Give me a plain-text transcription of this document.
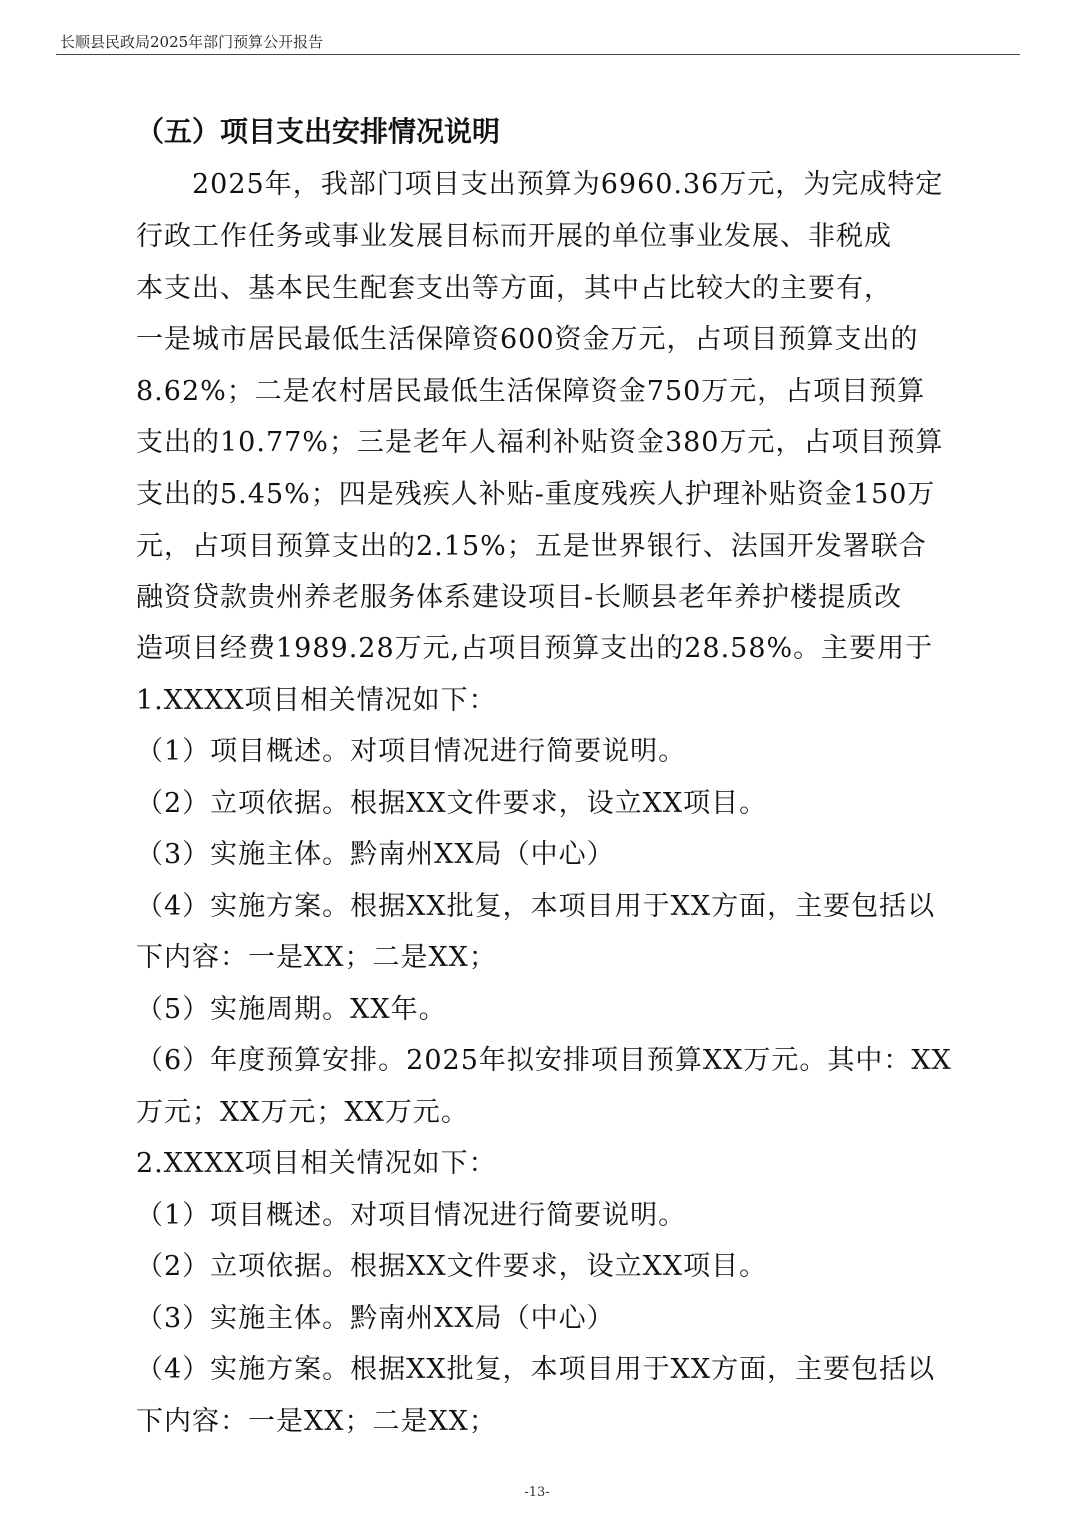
长顺县民政局2025年部门预算公开报告
（五）项目支出安排情况说明
2025年，我部门项目支出预算为6960.36万元，为完成特定
行政工作任务或事业发展目标而开展的单位事业发展、非税成
本支出、基本民生配套支出等方面，其中占比较大的主要有，
一是城市居民最低生活保障资600资金万元，占项目预算支出的
8.62%；二是农村居民最低生活保障资金750万元，占项目预算
支出的10.77%；三是老年人福利补贴资金380万元，占项目预算
支出的5.45%；四是残疾人补贴-重度残疾人护理补贴资金150万
元，占项目预算支出的2.15%；五是世界银行、法国开发署联合
融资贷款贵州养老服务体系建设项目-长顺县老年养护楼提质改
造项目经费1989.28万元,占项目预算支出的28.58%。主要用于
1.XXXX项目相关情况如下：
（1）项目概述。对项目情况进行简要说明。
（2）立项依据。根据XX文件要求，设立XX项目。
（3）实施主体。黔南州XX局（中心）
（4）实施方案。根据XX批复，本项目用于XX方面，主要包括以
下内容：一是XX；二是XX；
（5）实施周期。XX年。
（6）年度预算安排。2025年拟安排项目预算XX万元。其中：XX
万元；XX万元；XX万元。
2.XXXX项目相关情况如下：
（1）项目概述。对项目情况进行简要说明。
（2）立项依据。根据XX文件要求，设立XX项目。
（3）实施主体。黔南州XX局（中心）
（4）实施方案。根据XX批复，本项目用于XX方面，主要包括以
下内容：一是XX；二是XX；
-13-
